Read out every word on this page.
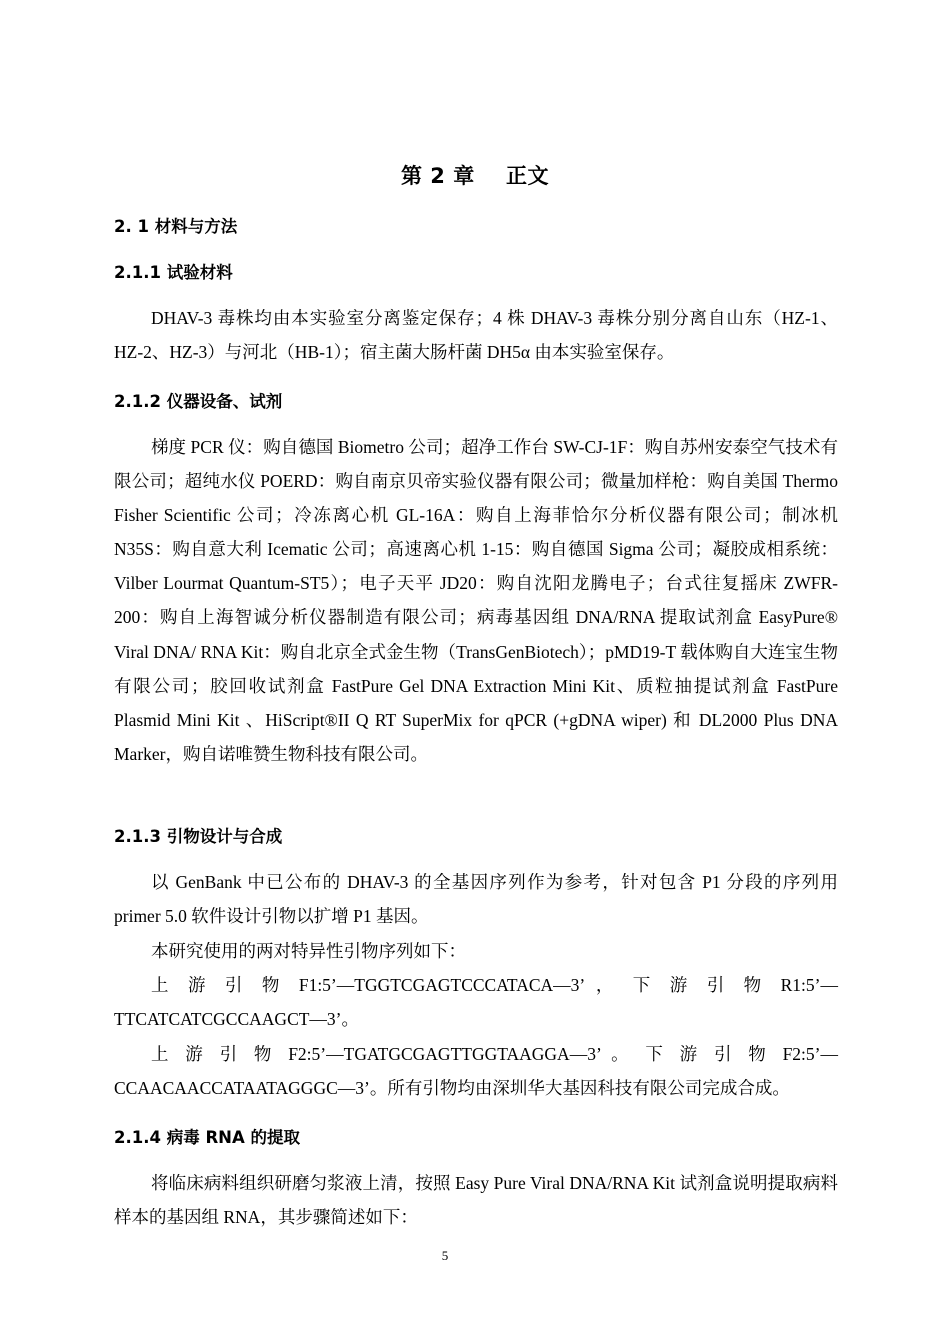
第 2 章    正文
2. 1 材料与方法
2.1.1 试验材料

DHAV-3 毒株均由本实验室分离鉴定保存；4 株 DHAV-3 毒株分别分离自山东（HZ-1、HZ-2、HZ-3）与河北（HB-1）；宿主菌大肠杆菌 DH5α 由本实验室保存。

2.1.2 仪器设备、试剂

梯度 PCR 仪：购自德国 Biometro 公司；超净工作台 SW-CJ-1F：购自苏州安泰空气技术有限公司；超纯水仪 POERD：购自南京贝帝实验仪器有限公司；微量加样枪：购自美国 Thermo Fisher Scientific 公司；冷冻离心机 GL-16A：购自上海菲恰尔分析仪器有限公司；制冰机 N35S：购自意大利 Icematic 公司；高速离心机 1-15：购自德国 Sigma 公司；凝胶成相系统：Vilber Lourmat Quantum-ST5）；电子天平 JD20：购自沈阳龙腾电子；台式往复摇床 ZWFR-200：购自上海智诚分析仪器制造有限公司；病毒基因组 DNA/RNA 提取试剂盒 EasyPure® Viral DNA/ RNA Kit：购自北京全式金生物（TransGenBiotech）；pMD19-T 载体购自大连宝生物有限公司；胶回收试剂盒 FastPure Gel DNA Extraction Mini Kit、质粒抽提试剂盒 FastPure Plasmid Mini Kit 、HiScript®II Q RT SuperMix for qPCR (+gDNA wiper) 和 DL2000 Plus DNA Marker，购自诺唯赞生物科技有限公司。

2.1.3 引物设计与合成

以 GenBank 中已公布的 DHAV-3 的全基因序列作为参考，针对包含 P1 分段的序列用 primer 5.0 软件设计引物以扩增 P1 基因。

本研究使用的两对特异性引物序列如下：
上 游 引 物 F1:5’—TGGTCGAGTCCCATACA—3’ ， 下 游 引 物 R1:5’—
TTCATCATCGCCAAGCT—3’。
上 游 引 物 F2:5’—TGATGCGAGTTGGTAAGGA—3’ 。 下 游 引 物 F2:5’—
CCAACAACCATAATAGGGC—3’。所有引物均由深圳华大基因科技有限公司完成合成。
2.1.4 病毒 RNA 的提取

将临床病料组织研磨匀浆液上清，按照 Easy Pure Viral DNA/RNA Kit 试剂盒说明提取病料样本的基因组 RNA，其步骤简述如下：

5
